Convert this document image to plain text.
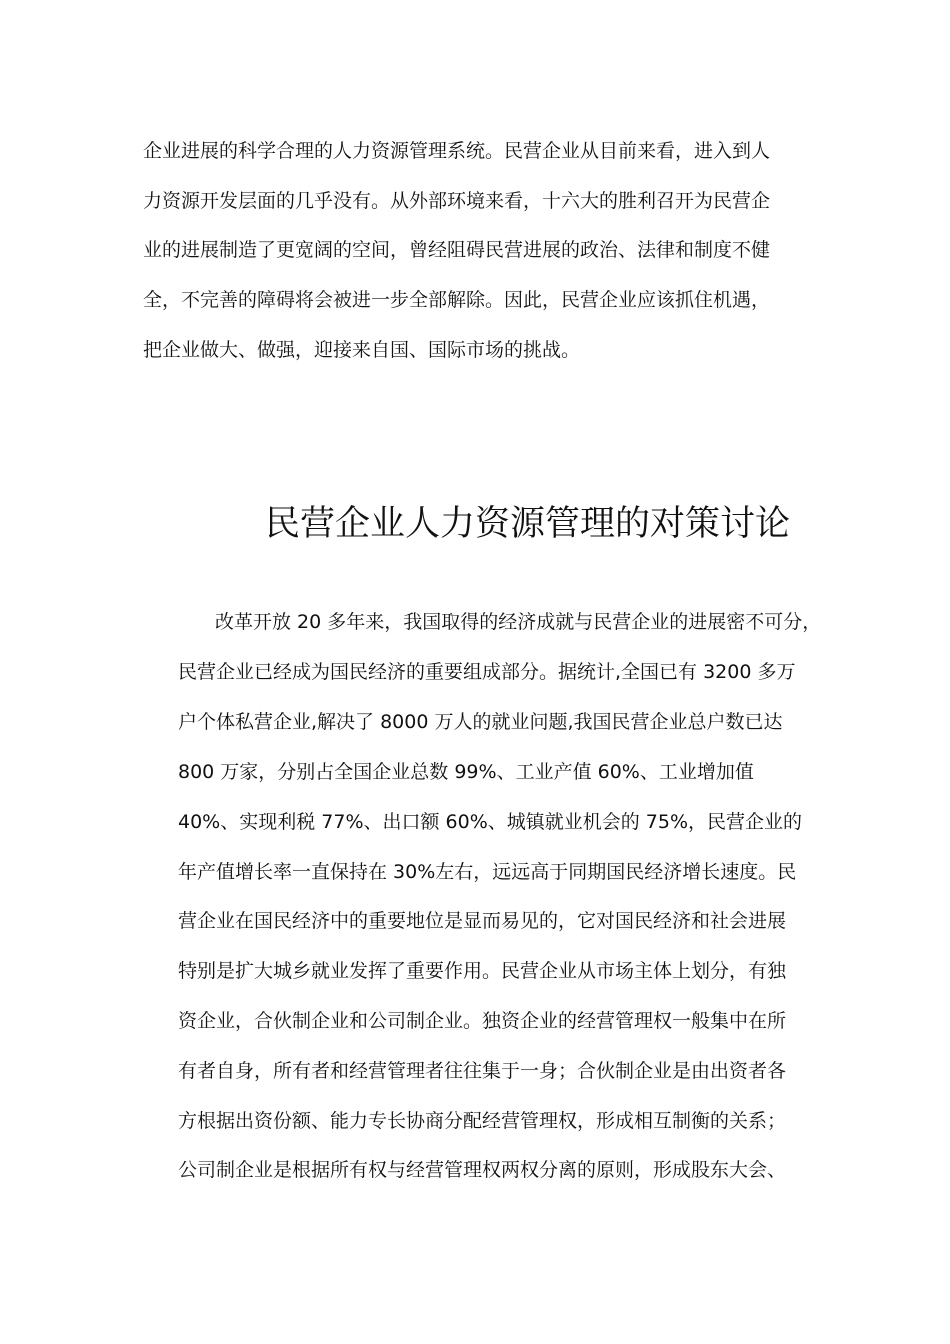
企业进展的科学合理的人力资源管理系统。民营企业从目前来看，进入到人
力资源开发层面的几乎没有。从外部环境来看，十六大的胜利召开为民营企
业的进展制造了更宽阔的空间，曾经阻碍民营进展的政治、法律和制度不健
全，不完善的障碍将会被进一步全部解除。因此，民营企业应该抓住机遇，
把企业做大、做强，迎接来自国、国际市场的挑战。
民营企业人力资源管理的对策讨论
改革开放 20 多年来，我国取得的经济成就与民营企业的进展密不可分，
民营企业已经成为国民经济的重要组成部分。据统计,全国已有 3200 多万
户个体私营企业,解决了 8000 万人的就业问题,我国民营企业总户数已达
800 万家，分别占全国企业总数 99%、工业产值 60%、工业增加值
40%、实现利税 77%、出口额 60%、城镇就业机会的 75%，民营企业的
年产值增长率一直保持在 30%左右，远远高于同期国民经济增长速度。民
营企业在国民经济中的重要地位是显而易见的，它对国民经济和社会进展
特别是扩大城乡就业发挥了重要作用。民营企业从市场主体上划分，有独
资企业，合伙制企业和公司制企业。独资企业的经营管理权一般集中在所
有者自身，所有者和经营管理者往往集于一身；合伙制企业是由出资者各
方根据出资份额、能力专长协商分配经营管理权，形成相互制衡的关系；
公司制企业是根据所有权与经营管理权两权分离的原则，形成股东大会、
